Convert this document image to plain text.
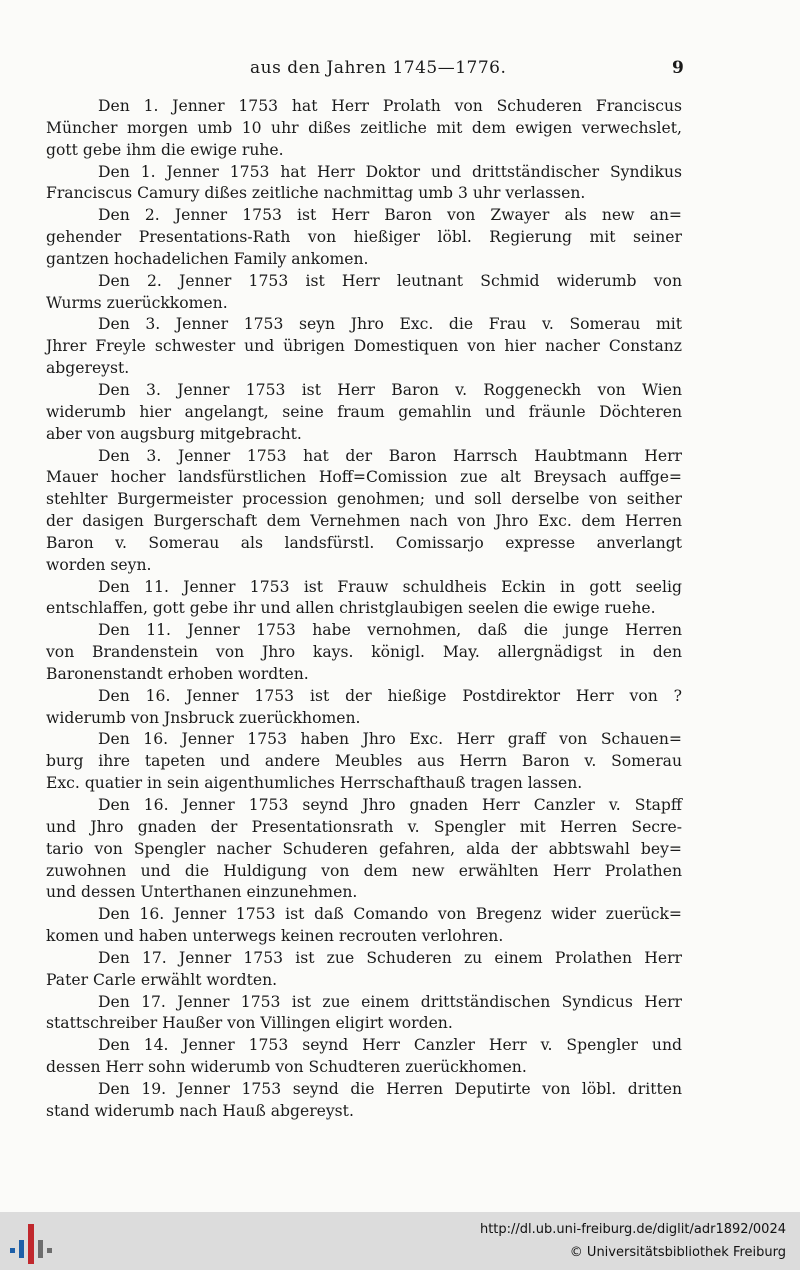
aus den Jahren 1745—1776.	9
Den 1. Jenner 1753 hat Herr Prolath von Schuderen Franciscus
Müncher morgen umb 10 uhr dißes zeitliche mit dem ewigen verwechslet,
gott gebe ihm die ewige ruhe.
Den 1. Jenner 1753 hat Herr Doktor und drittständischer Syndikus
Franciscus Camury dißes zeitliche nachmittag umb 3 uhr verlassen.
Den 2. Jenner 1753 ist Herr Baron von Zwayer als new an=
gehender Presentations-Rath von hießiger löbl. Regierung mit seiner
gantzen hochadelichen Family ankomen.
Den 2. Jenner 1753 ist Herr leutnant Schmid widerumb von
Wurms zuerückkomen.
Den 3. Jenner 1753 seyn Jhro Exc. die Frau v. Somerau mit
Jhrer Freyle schwester und übrigen Domestiquen von hier nacher Constanz
abgereyst.
Den 3. Jenner 1753 ist Herr Baron v. Roggeneckh von Wien
widerumb hier angelangt, seine fraum gemahlin und fräunle Döchteren
aber von augsburg mitgebracht.
Den 3. Jenner 1753 hat der Baron Harrsch Haubtmann Herr
Mauer hocher landsfürstlichen Hoff=Comission zue alt Breysach auffge=
stehlter Burgermeister procession genohmen; und soll derselbe von seither
der dasigen Burgerschaft dem Vernehmen nach von Jhro Exc. dem Herren
Baron v. Somerau als landsfürstl. Comissarjo expresse anverlangt
worden seyn.
Den 11. Jenner 1753 ist Frauw schuldheis Eckin in gott seelig
entschlaffen, gott gebe ihr und allen christglaubigen seelen die ewige ruehe.
Den 11. Jenner 1753 habe vernohmen, daß die junge Herren
von Brandenstein von Jhro kays. königl. May. allergnädigst in den
Baronenstandt erhoben wordten.
Den 16. Jenner 1753 ist der hießige Postdirektor Herr von ?
widerumb von Jnsbruck zuerückhomen.
Den 16. Jenner 1753 haben Jhro Exc. Herr graff von Schauen=
burg ihre tapeten und andere Meubles aus Herrn Baron v. Somerau
Exc. quatier in sein aigenthumliches Herrschafthauß tragen lassen.
Den 16. Jenner 1753 seynd Jhro gnaden Herr Canzler v. Stapff
und Jhro gnaden der Presentationsrath v. Spengler mit Herren Secre-
tario von Spengler nacher Schuderen gefahren, alda der abbtswahl bey=
zuwohnen und die Huldigung von dem new erwählten Herr Prolathen
und dessen Unterthanen einzunehmen.
Den 16. Jenner 1753 ist daß Comando von Bregenz wider zuerück=
komen und haben unterwegs keinen recrouten verlohren.
Den 17. Jenner 1753 ist zue Schuderen zu einem Prolathen Herr
Pater Carle erwählt wordten.
Den 17. Jenner 1753 ist zue einem drittständischen Syndicus Herr
stattschreiber Haußer von Villingen eligirt worden.
Den 14. Jenner 1753 seynd Herr Canzler Herr v. Spengler und
dessen Herr sohn widerumb von Schudteren zuerückhomen.
Den 19. Jenner 1753 seynd die Herren Deputirte von löbl. dritten
stand widerumb nach Hauß abgereyst.
http://dl.ub.uni-freiburg.de/diglit/adr1892/0024
© Universitätsbibliothek Freiburg
